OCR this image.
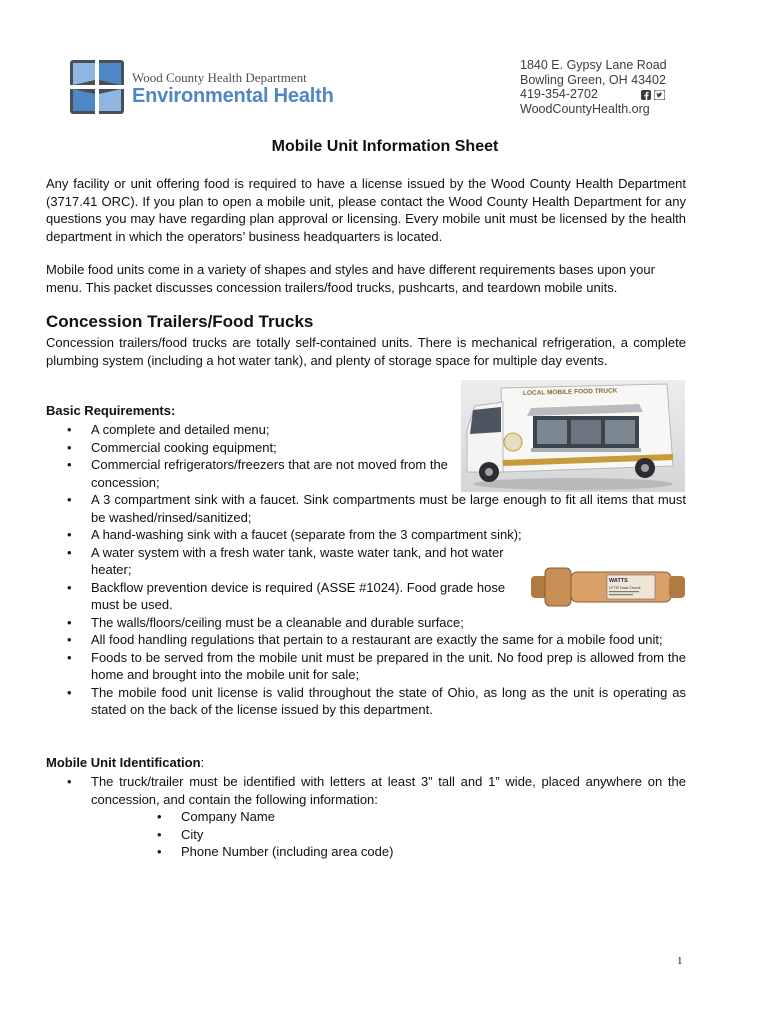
Wood County Health Department
Environmental Health
1840 E. Gypsy Lane Road
Bowling Green, OH 43402
419-354-2702

WoodCountyHealth.org
Mobile Unit Information Sheet

Any facility or unit offering food is required to have a license issued by the Wood County Health Department (3717.41 ORC). If you plan to open a mobile unit, please contact the Wood County Health Department for any questions you may have regarding plan approval or licensing. Every mobile unit must be licensed by the health department in which the operators’ business headquarters is located.

Mobile food units come in a variety of shapes and styles and have different requirements bases upon your menu. This packet discusses concession trailers/food trucks, pushcarts, and teardown mobile units.

Concession Trailers/Food Trucks

Concession trailers/food trucks are totally self-contained units. There is mechanical refrigeration, a complete plumbing system (including a hot water tank), and plenty of storage space for multiple day events.

LOCAL MOBILE FOOD TRUCK
Basic Requirements:
• A complete and detailed menu;
• Commercial cooking equipment;
• Commercial refrigerators/freezers that are not moved from the concession;
• A 3 compartment sink with a faucet. Sink compartments must be large enough to fit all items that must be washed/rinsed/sanitized;
• A hand-washing sink with a faucet (separate from the 3 compartment sink);
• A water system with a fresh water tank, waste water tank, and hot water heater;
• Backflow prevention device is required (ASSE #1024). Food grade hose must be used.
• The walls/floors/ceiling must be a cleanable and durable surface;
• All food handling regulations that pertain to a restaurant are exactly the same for a mobile food unit;
• Foods to be served from the mobile unit must be prepared in the unit. No food prep is allowed from the home and brought into the mobile unit for sale;
• The mobile food unit license is valid throughout the state of Ohio, as long as the unit is operating as stated on the back of the license issued by this department.
WATTS
LF7R Dual Check
Mobile Unit Identification:
• The truck/trailer must be identified with letters at least 3” tall and 1” wide, placed anywhere on the concession, and contain the following information:
• Company Name
• City
• Phone Number (including area code)
1
